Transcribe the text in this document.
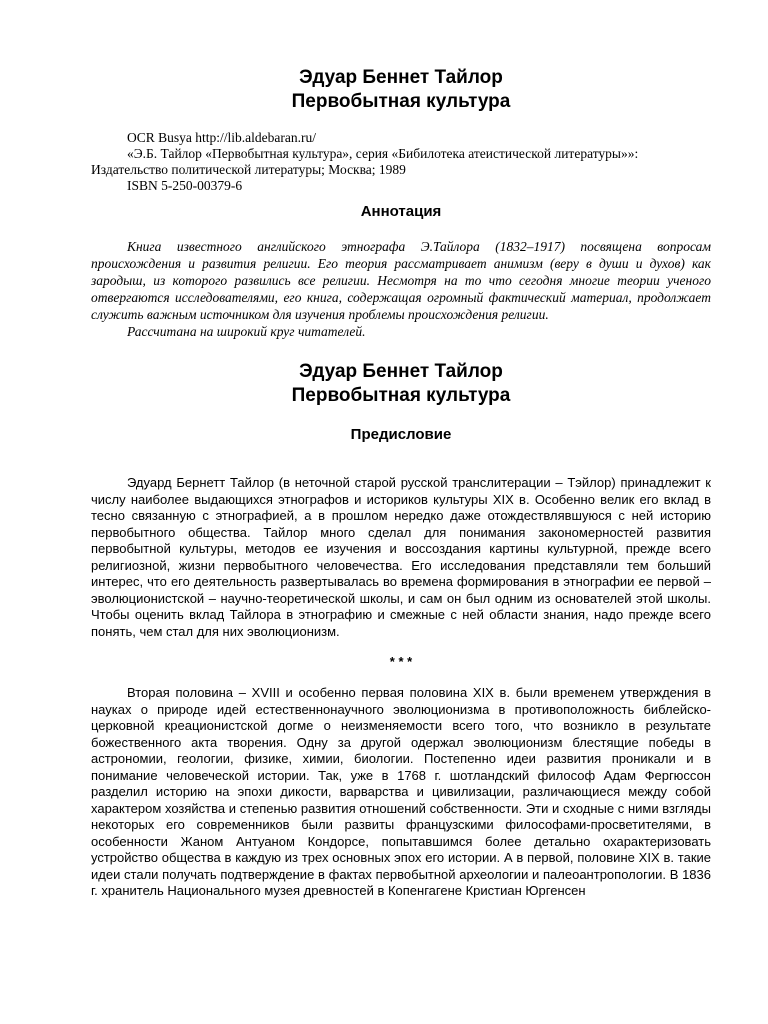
Эдуар Беннет Тайлор

Первобытная культура

OCR Busya http://lib.aldebaran.ru/

«Э.Б. Тайлор «Первобытная культура», серия «Бибилотека атеистической литературы»»: Издательство политической литературы; Москва; 1989

ISBN 5-250-00379-6

Аннотация

Книга известного английского этнографа Э.Тайлора (1832–1917) посвящена вопросам происхождения и развития религии. Его теория рассматривает анимизм (веру в души и духов) как зародыш, из которого развились все религии. Несмотря на то что сегодня многие теории ученого отвергаются исследователями, его книга, содержащая огромный фактический материал, продолжает служить важным источником для изучения проблемы происхождения религии.

Рассчитана на широкий круг читателей.

Эдуар Беннет Тайлор

Первобытная культура

Предисловие

Эдуард Бернетт Тайлор (в неточной старой русской транслитерации – Тэйлор) принадлежит к числу наиболее выдающихся этнографов и историков культуры XIX в. Особенно велик его вклад в тесно связанную с этнографией, а в прошлом нередко даже отождествлявшуюся с ней историю первобытного общества. Тайлор много сделал для понимания закономерностей развития первобытной культуры, методов ее изучения и воссоздания картины культурной, прежде всего религиозной, жизни первобытного человечества. Его исследования представляли тем больший интерес, что его деятельность развертывалась во времена формирования в этнографии ее первой – эволюционистской – научно-теоретической школы, и сам он был одним из основателей этой школы. Чтобы оценить вклад Тайлора в этнографию и смежные с ней области знания, надо прежде всего понять, чем стал для них эволюционизм.

* * *

Вторая половина – XVIII и особенно первая половина XIX в. были временем утверждения в науках о природе идей естественнонаучного эволюционизма в противоположность библейско-церковной креационистской догме о неизменяемости всего того, что возникло в результате божественного акта творения. Одну за другой одержал эволюционизм блестящие победы в астрономии, геологии, физике, химии, биологии. Постепенно идеи развития проникали и в понимание человеческой истории. Так, уже в 1768 г. шотландский философ Адам Фергюссон разделил историю на эпохи дикости, варварства и цивилизации, различающиеся между собой характером хозяйства и степенью развития отношений собственности. Эти и сходные с ними взгляды некоторых его современников были развиты французскими философами-просветителями, в особенности Жаном Антуаном Кондорсе, попытавшимся более детально охарактеризовать устройство общества в каждую из трех основных эпох его истории. А в первой, половине XIX в. такие идеи стали получать подтверждение в фактах первобытной археологии и палеоантропологии. В 1836 г. хранитель Национального музея древностей в Копенгагене Кристиан Юргенсен
